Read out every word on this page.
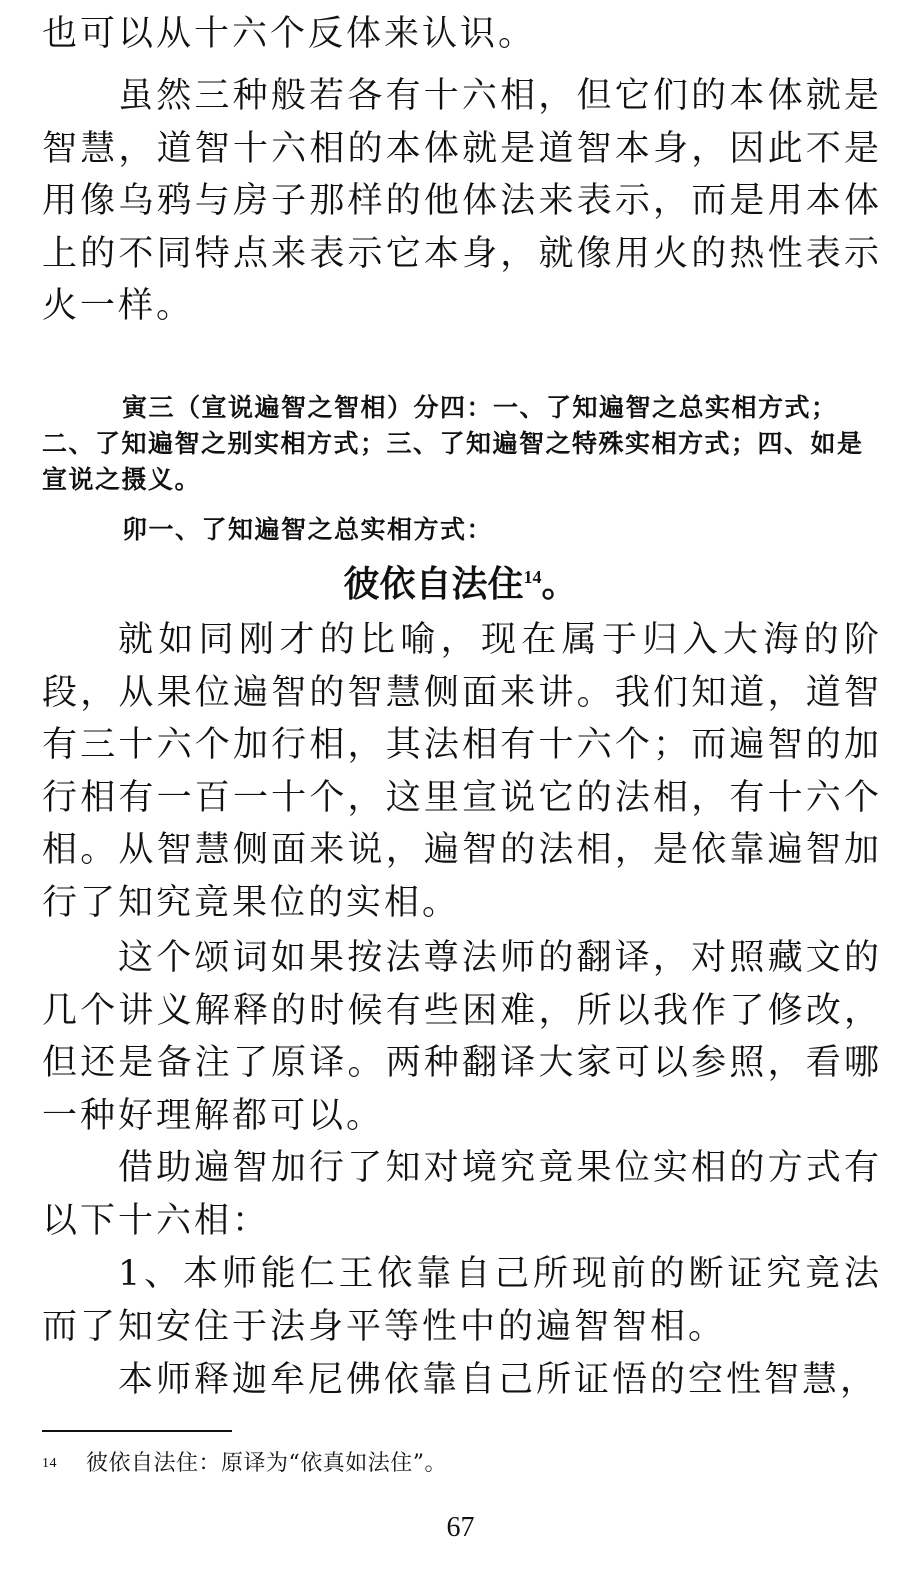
也可以从十六个反体来认识。

虽然三种般若各有十六相，但它们的本体就是智慧，道智十六相的本体就是道智本身，因此不是用像乌鸦与房子那样的他体法来表示，而是用本体上的不同特点来表示它本身，就像用火的热性表示火一样。

寅三（宣说遍智之智相）分四：一、了知遍智之总实相方式；二、了知遍智之别实相方式；三、了知遍智之特殊实相方式；四、如是宣说之摄义。

卯一、了知遍智之总实相方式：

彼依自法住$^{14}$。

就如同刚才的比喻，现在属于归入大海的阶段，从果位遍智的智慧侧面来讲。我们知道，道智有三十六个加行相，其法相有十六个；而遍智的加行相有一百一十个，这里宣说它的法相，有十六个相。从智慧侧面来说，遍智的法相，是依靠遍智加行了知究竟果位的实相。

这个颂词如果按法尊法师的翻译，对照藏文的几个讲义解释的时候有些困难，所以我作了修改，但还是备注了原译。两种翻译大家可以参照，看哪一种好理解都可以。

借助遍智加行了知对境究竟果位实相的方式有以下十六相：

1、本师能仁王依靠自己所现前的断证究竟法而了知安住于法身平等性中的遍智智相。

本师释迦牟尼佛依靠自己所证悟的空性智慧，

14 彼依自法住：原译为“依真如法住”。
67
